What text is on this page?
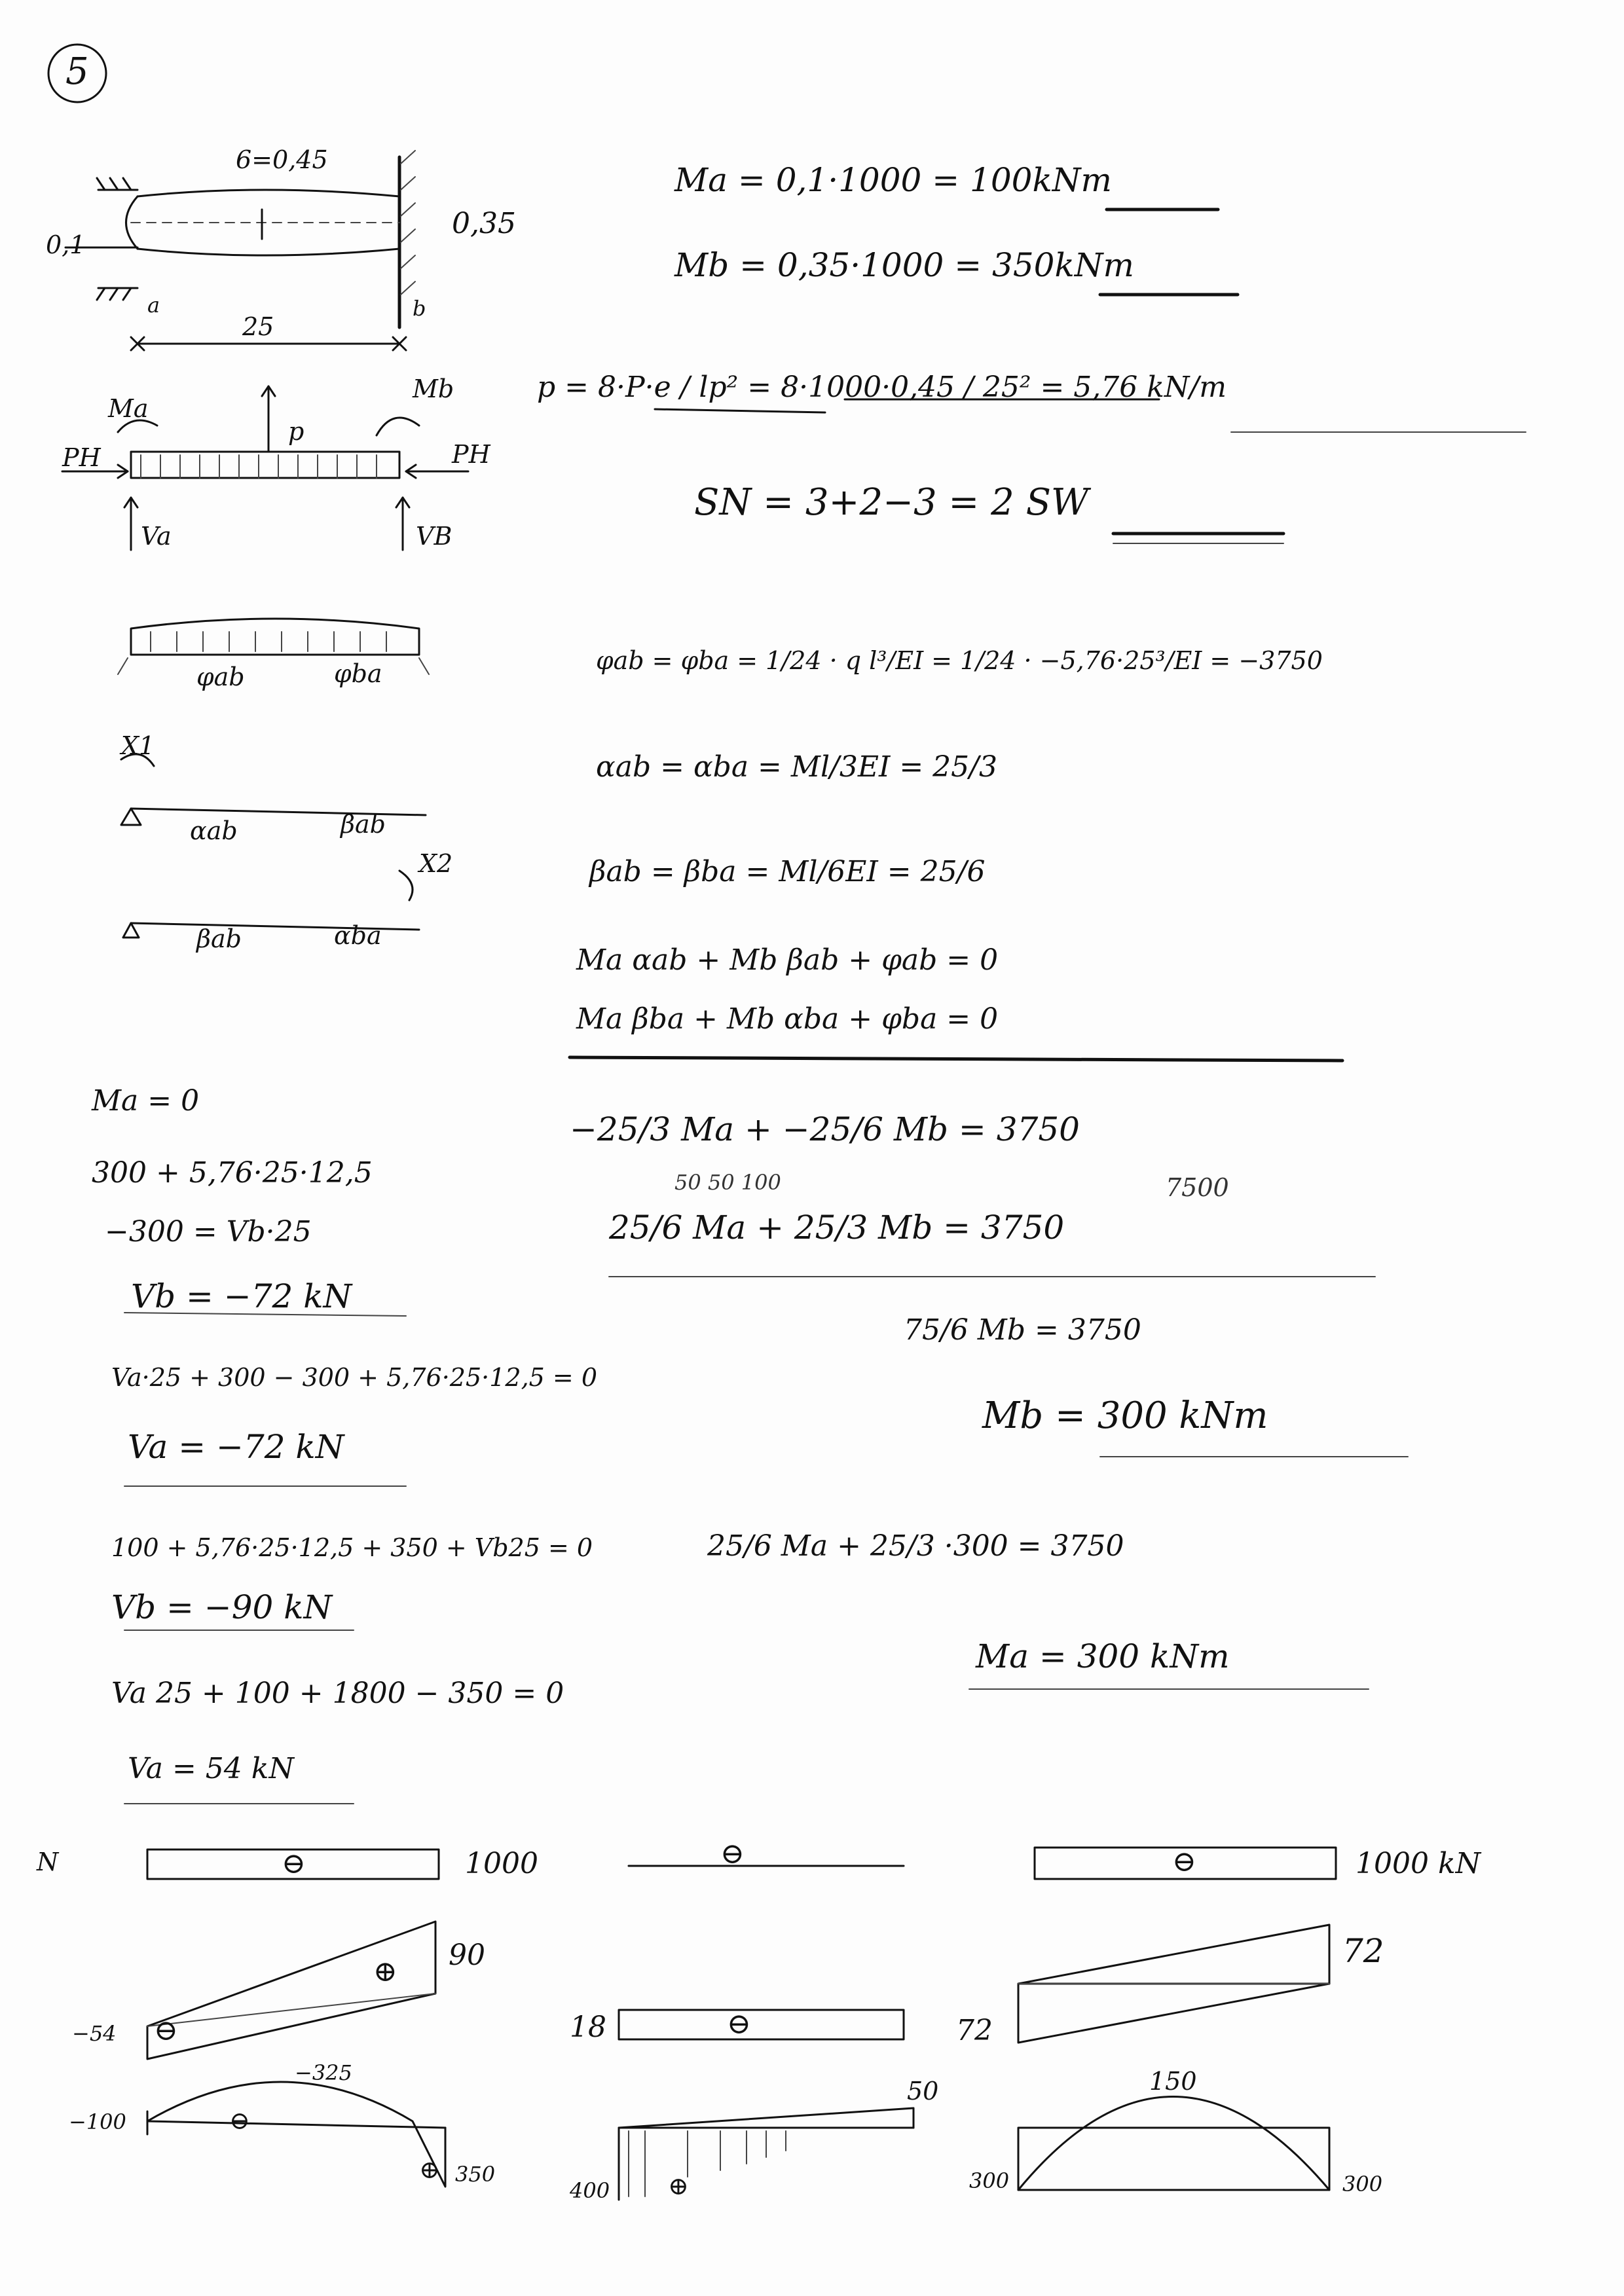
5
6=0,45
0,1
0,35
a	b
25
Ma
Mb
PH	PH
p
Va	VB
φab	φba
X1
αab	βab
X2
βab	αba
Ma = 0,1·1000 = 100kNm
Mb = 0,35·1000 = 350kNm
p = 8·P·e / lp² = 8·1000·0,45 / 25² = 5,76 kN/m
SN = 3+2−3 = 2 SW
φab = φba = 1/24 · q l³/EI = 1/24 · −5,76·25³/EI = −3750
αab = αba = Ml/3EI = 25/3
βab = βba = Ml/6EI = 25/6
Ma αab + Mb βab + φab = 0
Ma βba + Mb αba + φba = 0
−25/3 Ma + −25/6 Mb = 3750
50 50 100
25/6 Ma + 25/3 Mb = 3750
7500
75/6 Mb = 3750
Mb = 300 kNm
25/6 Ma + 25/3 ·300 = 3750
Ma = 300 kNm
Ma = 0
300 + 5,76·25·12,5
−300 = Vb·25
Vb = −72 kN
Va·25 + 300 − 300 + 5,76·25·12,5 = 0
Va = −72 kN
100 + 5,76·25·12,5 + 350 + Vb25 = 0
Vb = −90 kN
Va 25 + 100 + 1800 − 350 = 0
Va = 54 kN
N	⊖	1000	⊖	⊖	1000 kN
⊕
⊖
90
−54	⊖
18
72
72
⊖
⊕
−325
−100
350	⊕
50
400
150
300	300
